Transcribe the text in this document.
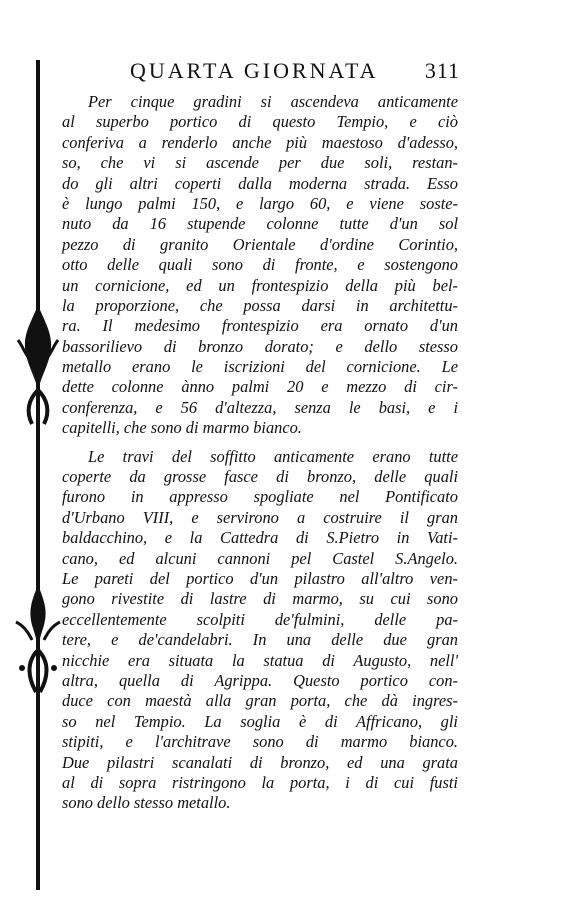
QUARTA GIORNATA 311
Per cinque gradini si ascendeva anticamente
al superbo portico di questo Tempio, e ciò
conferiva a renderlo anche più maestoso d'adesso,
so, che vi si ascende per due soli, restan-
do gli altri coperti dalla moderna strada. Esso
è lungo palmi 150, e largo 60, e viene soste-
nuto da 16 stupende colonne tutte d'un sol
pezzo di granito Orientale d'ordine Corintio,
otto delle quali sono di fronte, e sostengono
un cornicione, ed un frontespizio della più bel-
la proporzione, che possa darsi in architettu-
ra. Il medesimo frontespizio era ornato d'un
bassorilievo di bronzo dorato; e dello stesso
metallo erano le iscrizioni del cornicione. Le
dette colonne ànno palmi 20 e mezzo di cir-
conferenza, e 56 d'altezza, senza le basi, e i
capitelli, che sono di marmo bianco.
Le travi del soffitto anticamente erano tutte
coperte da grosse fasce di bronzo, delle quali
furono in appresso spogliate nel Pontificato
d'Urbano VIII, e servirono a costruire il gran
baldacchino, e la Cattedra di S.Pietro in Vati-
cano, ed alcuni cannoni pel Castel S.Angelo.
Le pareti del portico d'un pilastro all'altro ven-
gono rivestite di lastre di marmo, su cui sono
eccellentemente scolpiti de'fulmini, delle pa-
tere, e de'candelabri. In una delle due gran
nicchie era situata la statua di Augusto, nell'
altra, quella di Agrippa. Questo portico con-
duce con maestà alla gran porta, che dà ingres-
so nel Tempio. La soglia è di Affricano, gli
stipiti, e l'architrave sono di marmo bianco.
Due pilastri scanalati di bronzo, ed una grata
al di sopra ristringono la porta, i di cui fusti
sono dello stesso metallo.
